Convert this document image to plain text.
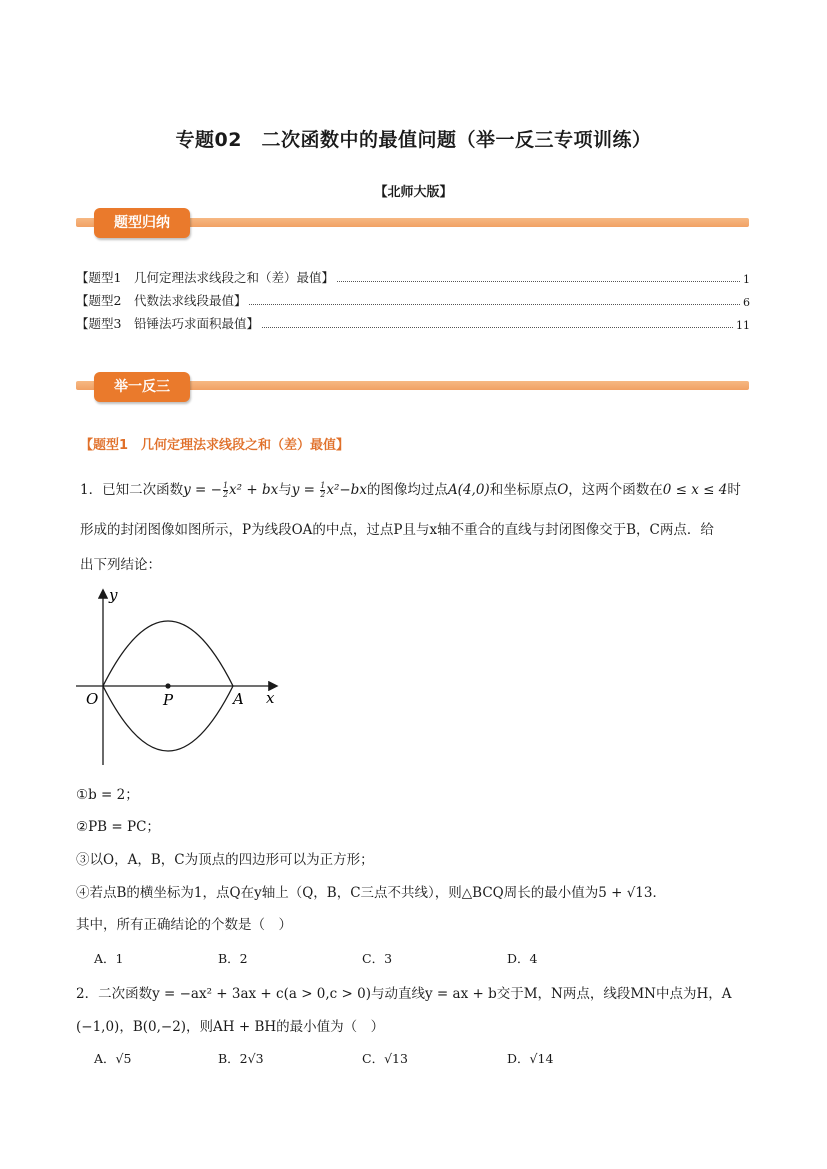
专题02　二次函数中的最值问题（举一反三专项训练）
【北师大版】
题型归纳
【题型1　几何定理法求线段之和（差）最值】	1
【题型2　代数法求线段最值】	6
【题型3　铅锤法巧求面积最值】	11
举一反三
【题型1　几何定理法求线段之和（差）最值】
1．已知二次函数y = − $\frac{1}{2} x^2$ + bx与$y = \frac{1}{2} x^2-bx$的图像均过点A(4,0)和坐标原点O，这两个函数在0 ≤ x ≤ 4时
形成的封闭图像如图所示，P为线段OA的中点，过点P且与x轴不重合的直线与封闭图像交于B，C两点．给
出下列结论：
y
x
O	P	A
①b = 2；
②PB = PC；
③以O，A，B，C为顶点的四边形可以为正方形；
④若点B的横坐标为1，点Q在y轴上（Q，B，C三点不共线），则△BCQ周长的最小值为5 + √13．
其中，所有正确结论的个数是（　）
A．1	B．2	C．3	D．4
2．二次函数y = −ax² + 3ax + c(a > 0,c > 0)与动直线y = ax + b交于M，N两点，线段MN中点为H，A
(−1,0)，B(0,−2)，则AH + BH的最小值为（　）
A．√5	B．2√3	C．√13	D．√14
